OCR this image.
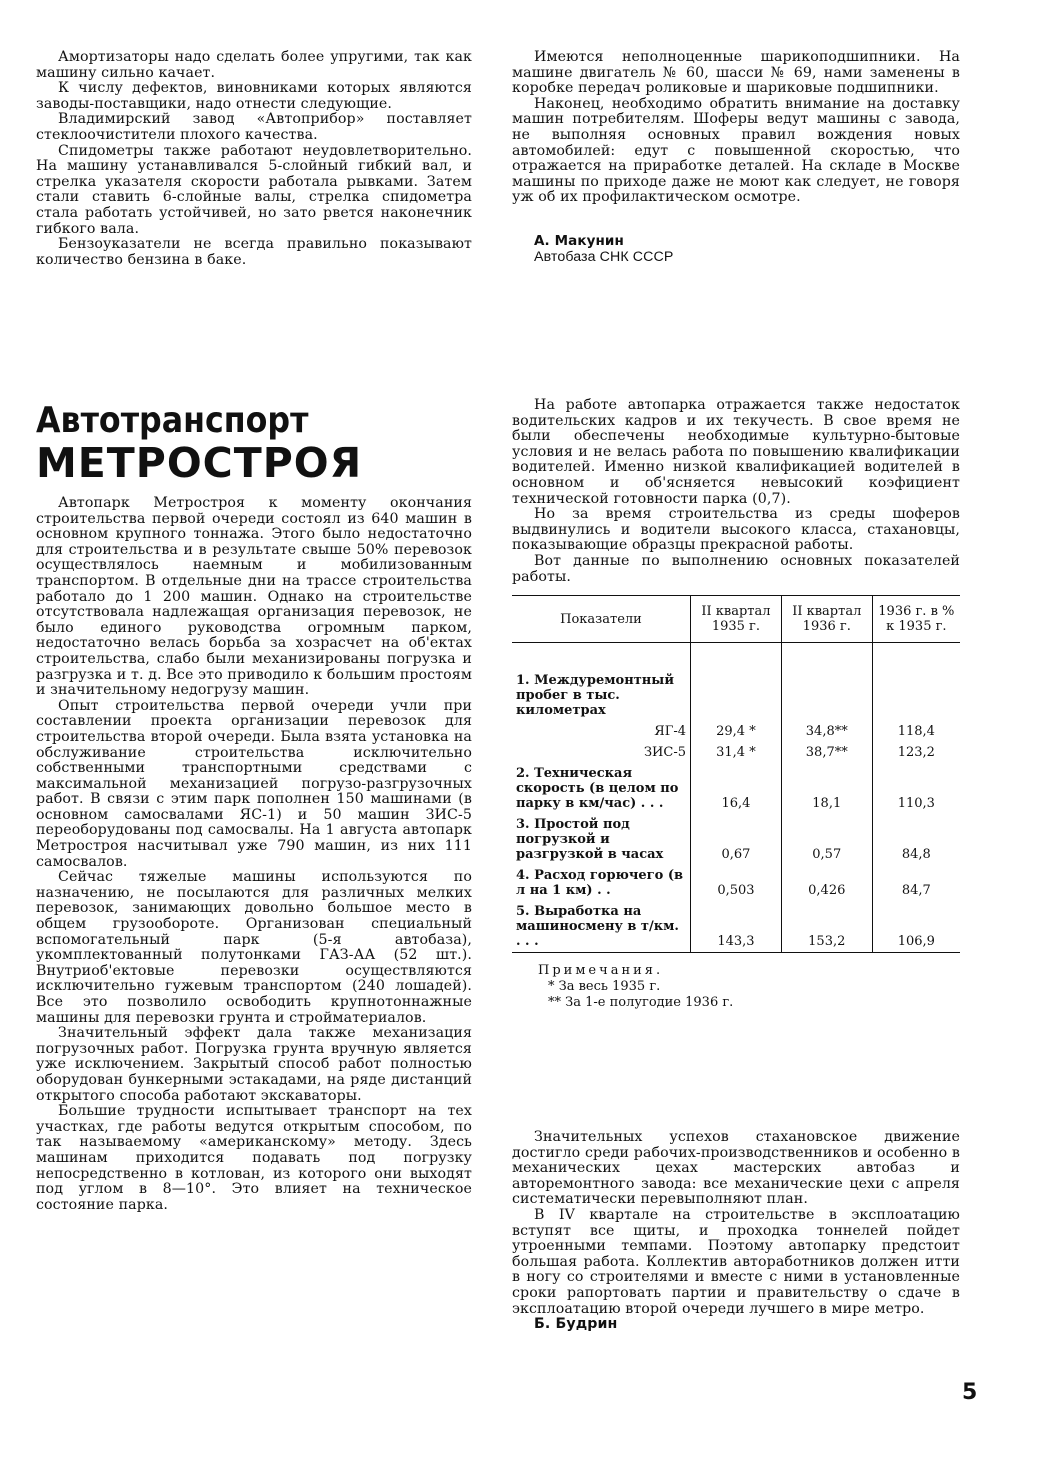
Амортизаторы надо сделать более упругими, так как машину сильно качает.

К числу дефектов, виновниками которых являются заводы-поставщики, надо отнести следующие.

Владимирский завод «Автоприбор» поставляет стеклоочистители плохого качества.

Спидометры также работают неудовлетворительно. На машину устанавливался 5-слойный гибкий вал, и стрелка указателя скорости работала рывками. Затем стали ставить 6-слойные валы, стрелка спидометра стала работать устойчивей, но зато рвется наконечник гибкого вала.

Бензоуказатели не всегда правильно показывают количество бензина в баке.

Имеются неполноценные шарикоподшипники. На машине двигатель № 60, шасси № 69, нами заменены в коробке передач роликовые и шариковые подшипники.

Наконец, необходимо обратить внимание на доставку машин потребителям. Шоферы ведут машины с завода, не выполняя основных правил вождения новых автомобилей: едут с повышенной скоростью, что отражается на приработке деталей. На складе в Москве машины по приходе даже не моют как следует, не говоря уж об их профилактическом осмотре.

А. Макунин

Автобаза СНК СССР

Автотранспорт
МЕТРОСТРОЯ

Автопарк Метростроя к моменту окончания строительства первой очереди состоял из 640 машин в основном крупного тоннажа. Этого было недостаточно для строительства и в результате свыше 50% перевозок осуществлялось наемным и мобилизованным транспортом. В отдельные дни на трассе строительства работало до 1 200 машин. Однако на строительстве отсутствовала надлежащая организация перевозок, не было единого руководства огромным парком, недостаточно велась борьба за хозрасчет на об'ектах строительства, слабо были механизированы погрузка и разгрузка и т. д. Все это приводило к большим простоям и значительному недогрузу машин.

Опыт строительства первой очереди учли при составлении проекта организации перевозок для строительства второй очереди. Была взята установка на обслуживание строительства исключительно собственными транспортными средствами с максимальной механизацией погрузо-разгрузочных работ. В связи с этим парк пополнен 150 машинами (в основном самосвалами ЯС-1) и 50 машин ЗИС-5 переоборудованы под самосвалы. На 1 августа автопарк Метростроя насчитывал уже 790 машин, из них 111 самосвалов.

Сейчас тяжелые машины используются по назначению, не посылаются для различных мелких перевозок, занимающих довольно большое место в общем грузообороте. Организован специальный вспомогательный парк (5-я автобаза), укомплектованный полутонками ГАЗ-АА (52 шт.). Внутриоб'ектовые перевозки осуществляются исключительно гужевым транспортом (240 лошадей). Все это позволило освободить крупнотоннажные машины для перевозки грунта и стройматериалов.

Значительный эффект дала также механизация погрузочных работ. Погрузка грунта вручную является уже исключением. Закрытый способ работ полностью оборудован бункерными эстакадами, на ряде дистанций открытого способа работают экскаваторы.

Большие трудности испытывает транспорт на тех участках, где работы ведутся открытым способом, по так называемому «американскому» методу. Здесь машинам приходится подавать под погрузку непосредственно в котлован, из которого они выходят под углом в 8—10°. Это влияет на техническое состояние парка.

На работе автопарка отражается также недостаток водительских кадров и их текучесть. В свое время не были обеспечены необходимые культурно-бытовые условия и не велась работа по повышению квалификации водителей. Именно низкой квалификацией водителей в основном и об'ясняется невысокий коэфициент технической готовности парка (0,7).

Но за время строительства из среды шоферов выдвинулись и водители высокого класса, стахановцы, показывающие образцы прекрасной работы.

Вот данные по выполнению основных показателей работы.

Показатели	II квартал 1935 г.	II квартал 1936 г.	1936 г. в % к 1935 г.
1. Междуремонтный пробег в тыс. километрах			
ЯГ-4	29,4 *	34,8**	118,4
ЗИС-5	31,4 *	38,7**	123,2
2. Техническая скорость (в целом по парку в км/час) . . .	16,4	18,1	110,3
3. Простой под погрузкой и разгрузкой в часах	0,67	0,57	84,8
4. Расход горючего (в л на 1 км) . .	0,503	0,426	84,7
5. Выработка на машиносмену в т/км. . . .	143,3	153,2	106,9
Примечания.
* За весь 1935 г.
** За 1-е полугодие 1936 г.

Значительных успехов стахановское движение достигло среди рабочих-производственников и особенно в механических цехах мастерских автобаз и авторемонтного завода: все механические цехи с апреля систематически перевыполняют план.

В IV квартале на строительстве в эксплоатацию вступят все щиты, и проходка тоннелей пойдет утроенными темпами. Поэтому автопарку предстоит большая работа. Коллектив автоработников должен итти в ногу со строителями и вместе с ними в установленные сроки рапортовать партии и правительству о сдаче в эксплоатацию второй очереди лучшего в мире метро.

Б. Будрин

5
